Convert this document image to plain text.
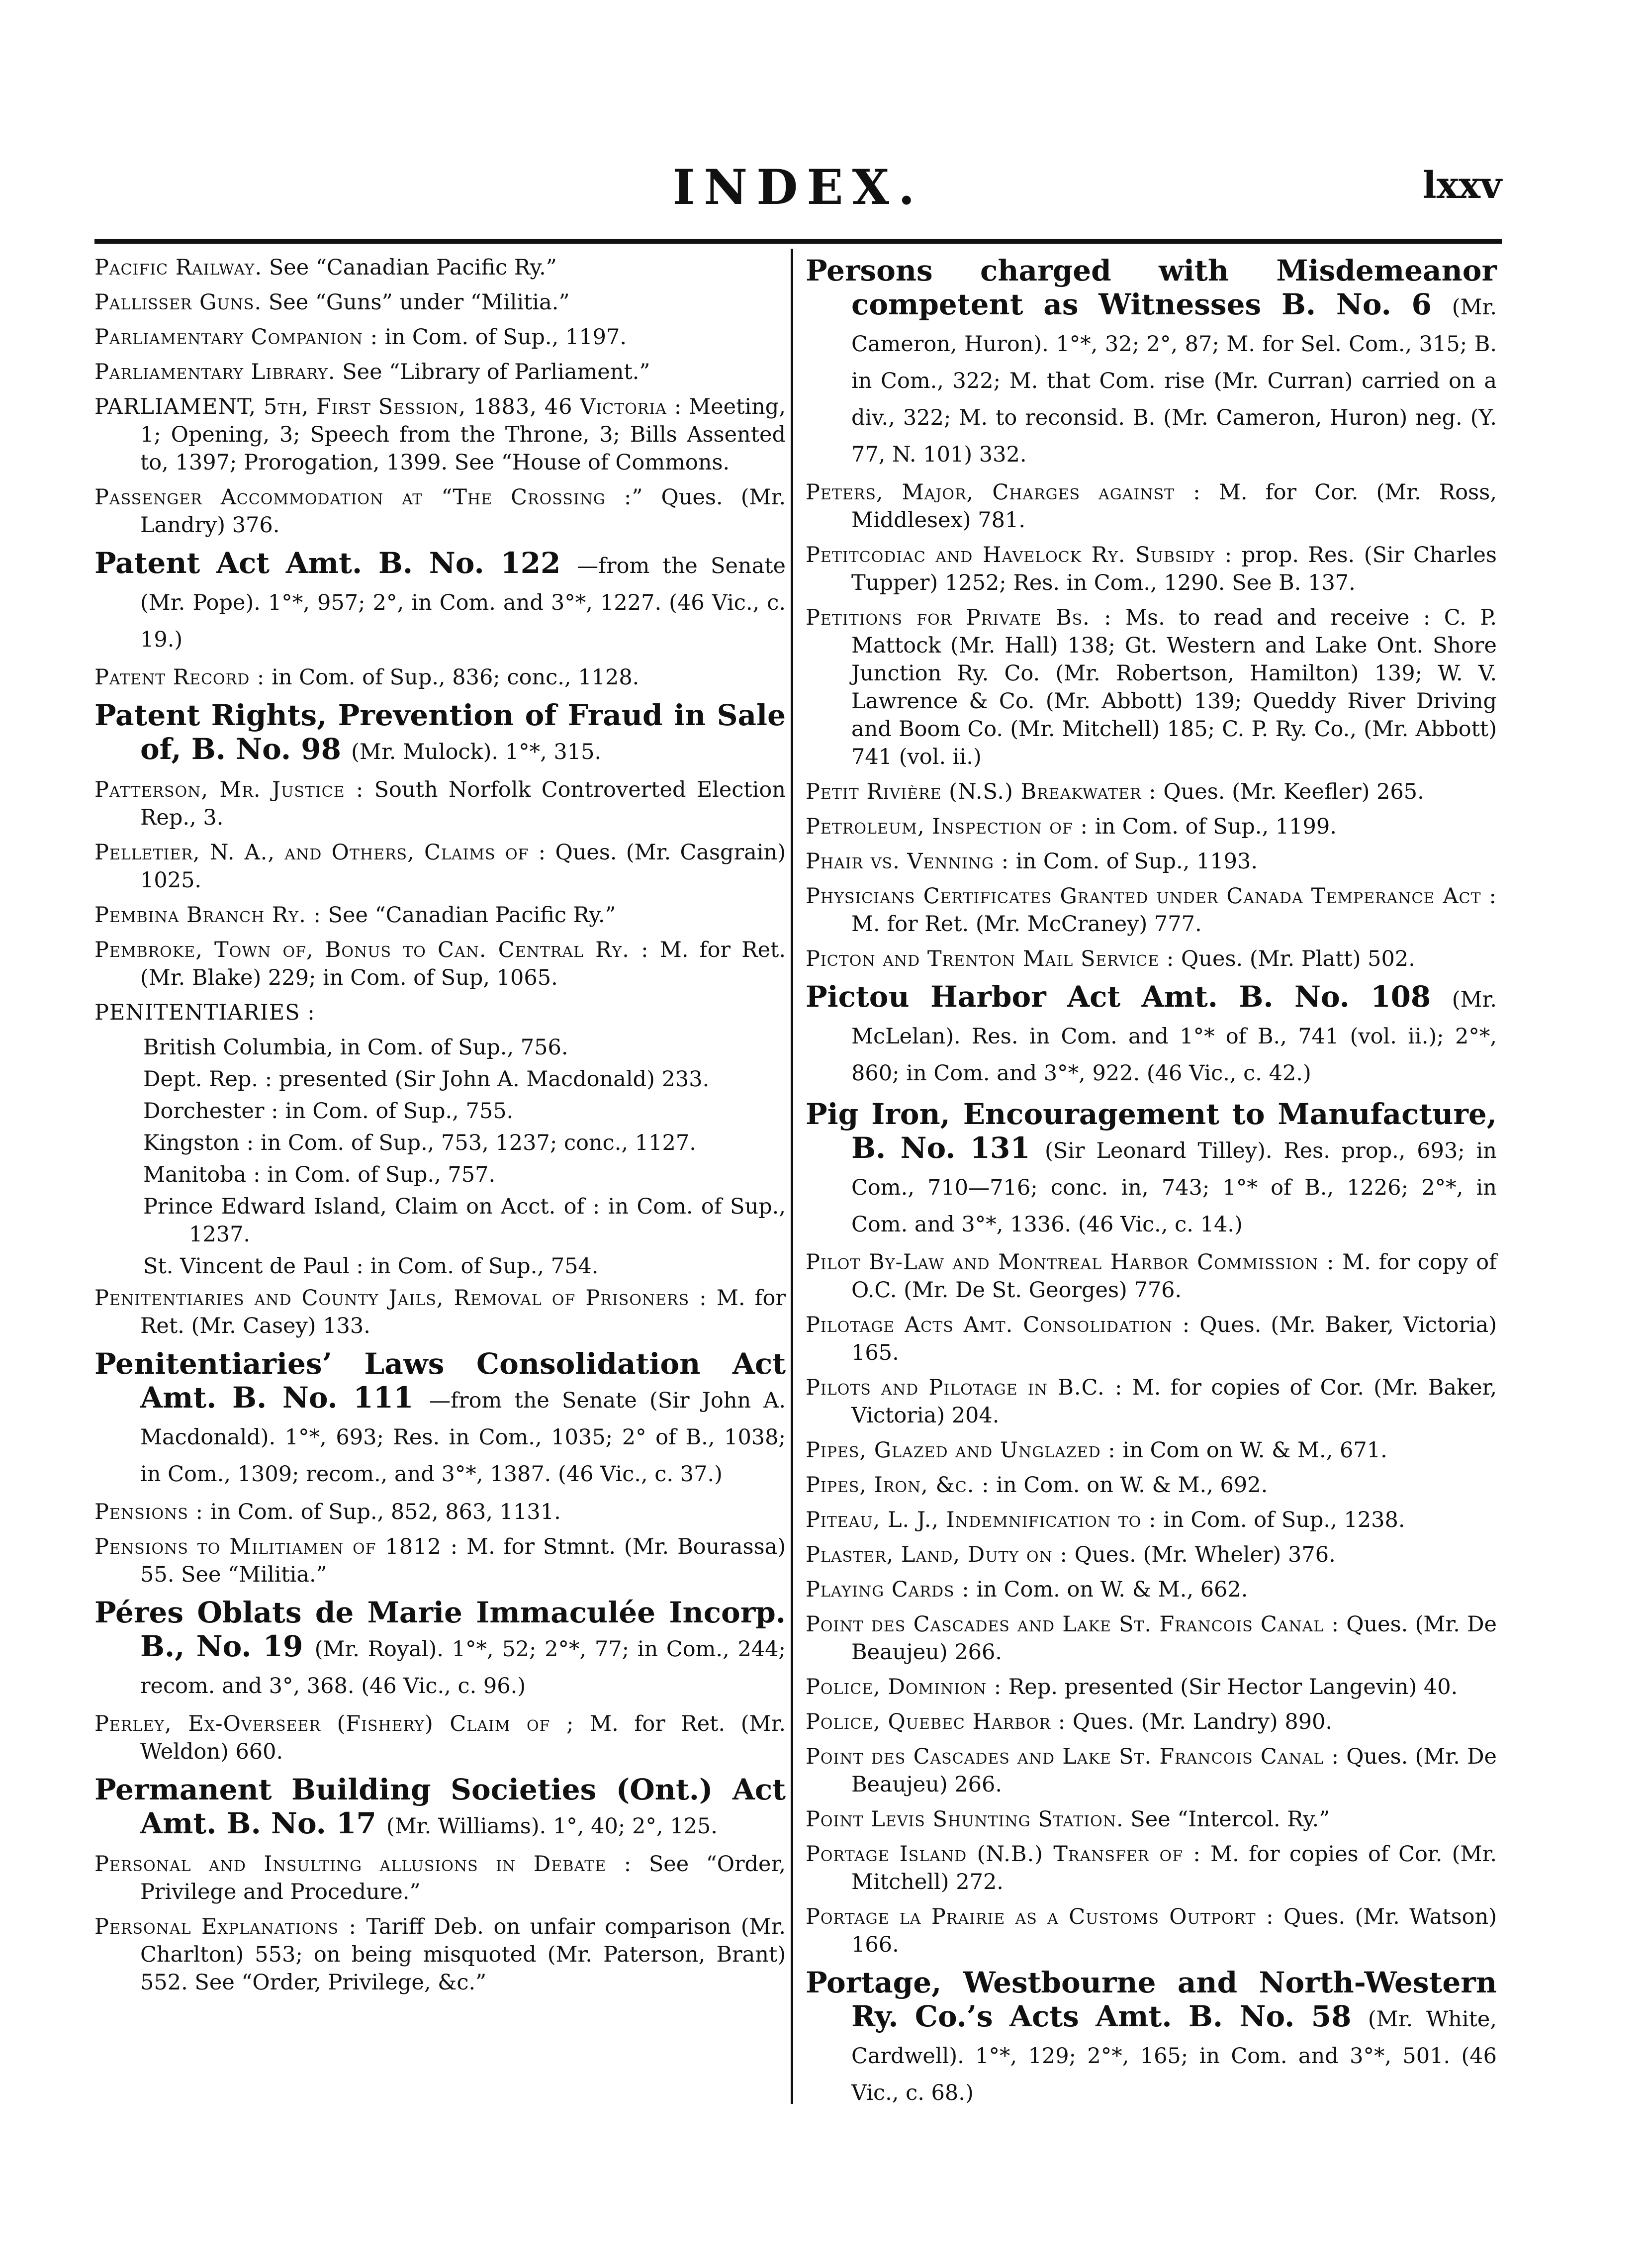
INDEX.	lxxv

Pacific Railway. See “Canadian Pacific Ry.”

Pallisser Guns. See “Guns” under “Militia.”

Parliamentary Companion : in Com. of Sup., 1197.

Parliamentary Library. See “Library of Parliament.”

PARLIAMENT, 5th, First Session, 1883, 46 Victoria : Meeting, 1; Opening, 3; Speech from the Throne, 3; Bills Assented to, 1397; Prorogation, 1399. See “House of Commons.

Passenger Accommodation at “The Crossing :” Ques. (Mr. Landry) 376.

Patent Act Amt. B. No. 122 —from the Senate (Mr. Pope). 1°*, 957; 2°, in Com. and 3°*, 1227. (46 Vic., c. 19.)

Patent Record : in Com. of Sup., 836; conc., 1128.

Patent Rights, Prevention of Fraud in Sale of, B. No. 98 (Mr. Mulock). 1°*, 315.

Patterson, Mr. Justice : South Norfolk Controverted Election Rep., 3.

Pelletier, N. A., and Others, Claims of : Ques. (Mr. Casgrain) 1025.

Pembina Branch Ry. : See “Canadian Pacific Ry.”

Pembroke, Town of, Bonus to Can. Central Ry. : M. for Ret. (Mr. Blake) 229; in Com. of Sup, 1065.

PENITENTIARIES :

British Columbia, in Com. of Sup., 756.

Dept. Rep. : presented (Sir John A. Macdonald) 233.

Dorchester : in Com. of Sup., 755.

Kingston : in Com. of Sup., 753, 1237; conc., 1127.

Manitoba : in Com. of Sup., 757.

Prince Edward Island, Claim on Acct. of : in Com. of Sup., 1237.

St. Vincent de Paul : in Com. of Sup., 754.

Penitentiaries and County Jails, Removal of Prisoners : M. for Ret. (Mr. Casey) 133.

Penitentiaries’ Laws Consolidation Act Amt. B. No. 111 —from the Senate (Sir John A. Macdonald). 1°*, 693; Res. in Com., 1035; 2° of B., 1038; in Com., 1309; recom., and 3°*, 1387. (46 Vic., c. 37.)

Pensions : in Com. of Sup., 852, 863, 1131.

Pensions to Militiamen of 1812 : M. for Stmnt. (Mr. Bourassa) 55. See “Militia.”

Péres Oblats de Marie Immaculée Incorp. B., No. 19 (Mr. Royal). 1°*, 52; 2°*, 77; in Com., 244; recom. and 3°, 368. (46 Vic., c. 96.)

Perley, Ex-Overseer (Fishery) Claim of ; M. for Ret. (Mr. Weldon) 660.

Permanent Building Societies (Ont.) Act Amt. B. No. 17 (Mr. Williams). 1°, 40; 2°, 125.

Personal and Insulting allusions in Debate : See “Order, Privilege and Procedure.”

Personal Explanations : Tariff Deb. on unfair comparison (Mr. Charlton) 553; on being misquoted (Mr. Paterson, Brant) 552. See “Order, Privilege, &c.”

Persons charged with Misdemeanor competent as Witnesses B. No. 6 (Mr. Cameron, Huron). 1°*, 32; 2°, 87; M. for Sel. Com., 315; B. in Com., 322; M. that Com. rise (Mr. Curran) carried on a div., 322; M. to reconsid. B. (Mr. Cameron, Huron) neg. (Y. 77, N. 101) 332.

Peters, Major, Charges against : M. for Cor. (Mr. Ross, Middlesex) 781.

Petitcodiac and Havelock Ry. Subsidy : prop. Res. (Sir Charles Tupper) 1252; Res. in Com., 1290. See B. 137.

Petitions for Private Bs. : Ms. to read and receive : C. P. Mattock (Mr. Hall) 138; Gt. Western and Lake Ont. Shore Junction Ry. Co. (Mr. Robertson, Hamilton) 139; W. V. Lawrence & Co. (Mr. Abbott) 139; Queddy River Driving and Boom Co. (Mr. Mitchell) 185; C. P. Ry. Co., (Mr. Abbott) 741 (vol. ii.)

Petit Rivière (N.S.) Breakwater : Ques. (Mr. Keefler) 265.

Petroleum, Inspection of : in Com. of Sup., 1199.

Phair vs. Venning : in Com. of Sup., 1193.

Physicians Certificates Granted under Canada Temperance Act : M. for Ret. (Mr. McCraney) 777.

Picton and Trenton Mail Service : Ques. (Mr. Platt) 502.

Pictou Harbor Act Amt. B. No. 108 (Mr. McLelan). Res. in Com. and 1°* of B., 741 (vol. ii.); 2°*, 860; in Com. and 3°*, 922. (46 Vic., c. 42.)

Pig Iron, Encouragement to Manufacture, B. No. 131 (Sir Leonard Tilley). Res. prop., 693; in Com., 710—716; conc. in, 743; 1°* of B., 1226; 2°*, in Com. and 3°*, 1336. (46 Vic., c. 14.)

Pilot By-Law and Montreal Harbor Commission : M. for copy of O.C. (Mr. De St. Georges) 776.

Pilotage Acts Amt. Consolidation : Ques. (Mr. Baker, Victoria) 165.

Pilots and Pilotage in B.C. : M. for copies of Cor. (Mr. Baker, Victoria) 204.

Pipes, Glazed and Unglazed : in Com on W. & M., 671.

Pipes, Iron, &c. : in Com. on W. & M., 692.

Piteau, L. J., Indemnification to : in Com. of Sup., 1238.

Plaster, Land, Duty on : Ques. (Mr. Wheler) 376.

Playing Cards : in Com. on W. & M., 662.

Point des Cascades and Lake St. Francois Canal : Ques. (Mr. De Beaujeu) 266.

Police, Dominion : Rep. presented (Sir Hector Langevin) 40.

Police, Quebec Harbor : Ques. (Mr. Landry) 890.

Point des Cascades and Lake St. Francois Canal : Ques. (Mr. De Beaujeu) 266.

Point Levis Shunting Station. See “Intercol. Ry.”

Portage Island (N.B.) Transfer of : M. for copies of Cor. (Mr. Mitchell) 272.

Portage la Prairie as a Customs Outport : Ques. (Mr. Watson) 166.

Portage, Westbourne and North-Western Ry. Co.’s Acts Amt. B. No. 58 (Mr. White, Cardwell). 1°*, 129; 2°*, 165; in Com. and 3°*, 501. (46 Vic., c. 68.)
